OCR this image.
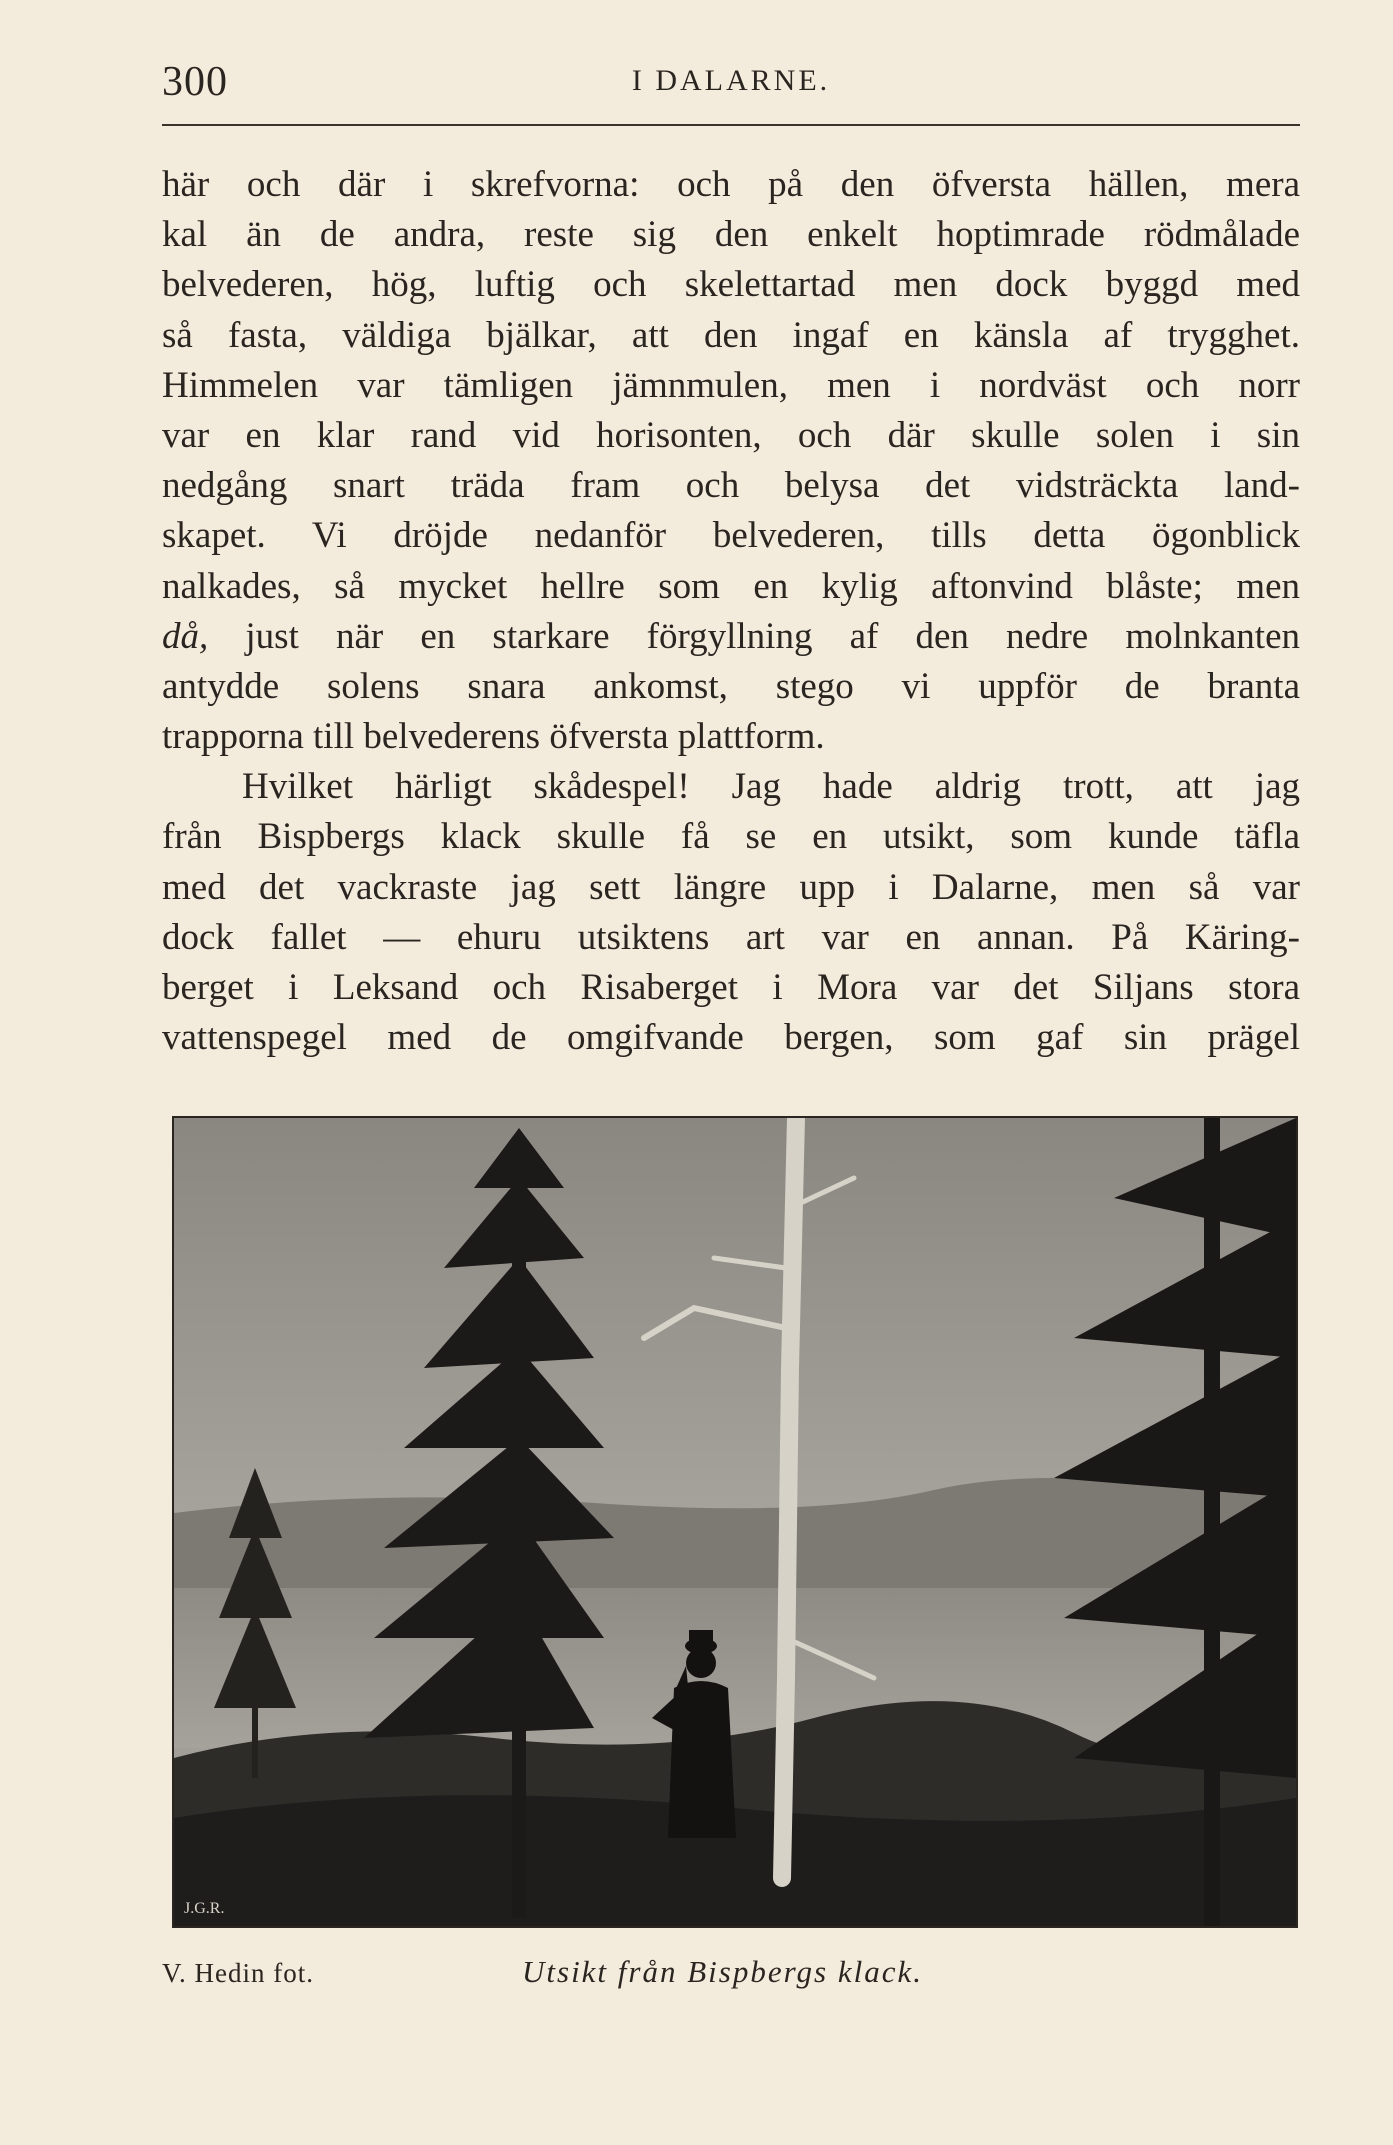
300	I DALARNE.
här och där i skrefvorna: och på den öfversta hällen, mera
kal än de andra, reste sig den enkelt hoptimrade rödmålade
belvederen, hög, luftig och skelettartad men dock byggd med
så fasta, väldiga bjälkar, att den ingaf en känsla af trygghet.
Himmelen var tämligen jämnmulen, men i nordväst och norr
var en klar rand vid horisonten, och där skulle solen i sin
nedgång snart träda fram och belysa det vidsträckta land-
skapet. Vi dröjde nedanför belvederen, tills detta ögonblick
nalkades, så mycket hellre som en kylig aftonvind blåste; men
då, just när en starkare förgyllning af den nedre molnkanten
antydde solens snara ankomst, stego vi uppför de branta
trapporna till belvederens öfversta plattform.
Hvilket härligt skådespel! Jag hade aldrig trott, att jag
från Bispbergs klack skulle få se en utsikt, som kunde täfla
med det vackraste jag sett längre upp i Dalarne, men så var
dock fallet — ehuru utsiktens art var en annan. På Käring-
berget i Leksand och Risaberget i Mora var det Siljans stora
vattenspegel med de omgifvande bergen, som gaf sin prägel
J.G.R.
V. Hedin fot.	Utsikt från Bispbergs klack.
